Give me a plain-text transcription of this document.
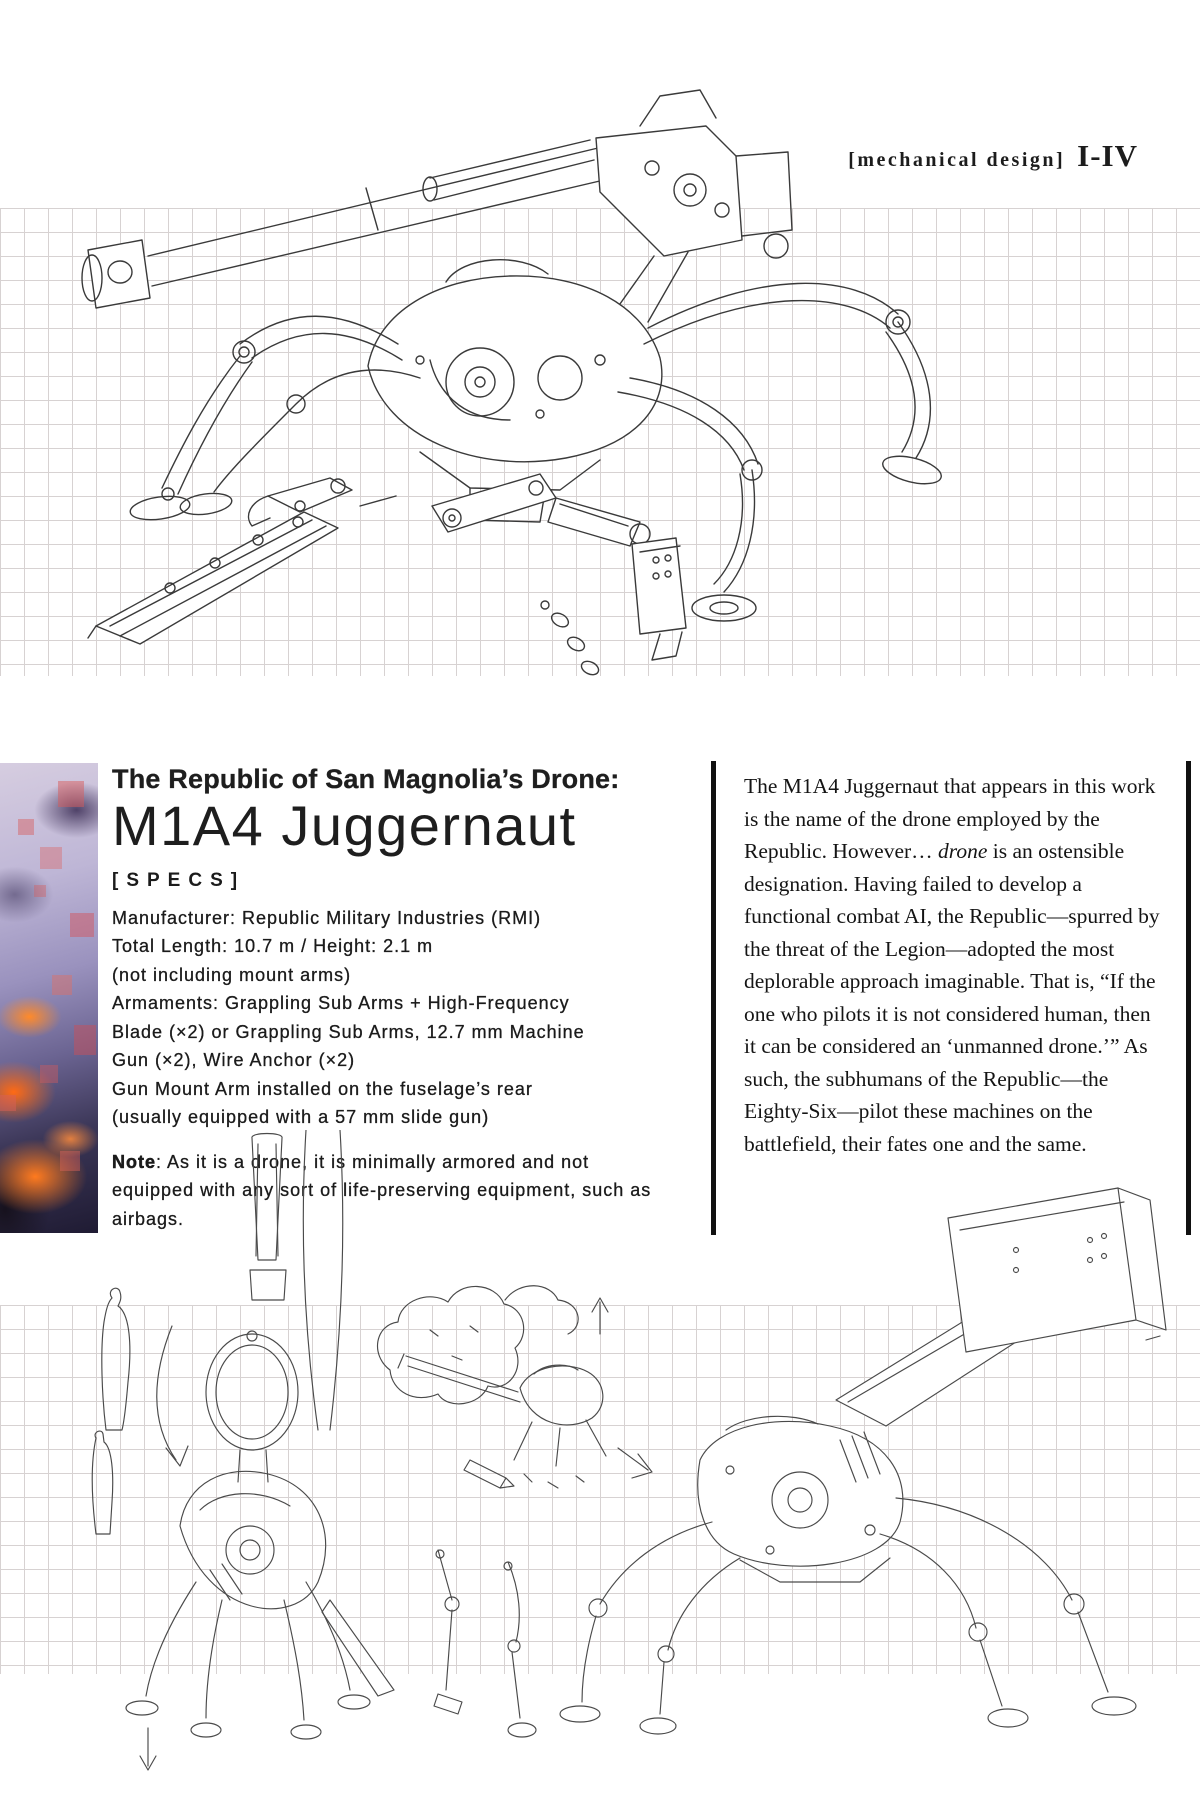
[mechanical design] I-IV
The Republic of San Magnolia’s Drone:
M1A4 Juggernaut
[SPECS]
Manufacturer: Republic Military Industries (RMI)
Total Length: 10.7 m / Height: 2.1 m
(not including mount arms)
Armaments: Grappling Sub Arms + High-Frequency
Blade (×2) or Grappling Sub Arms, 12.7 mm Machine
Gun (×2), Wire Anchor (×2)
Gun Mount Arm installed on the fuselage’s rear
(usually equipped with a 57 mm slide gun)
Note: As it is a drone, it is minimally armored and not equipped with any sort of life-preserving equipment, such as airbags.
The M1A4 Juggernaut that appears in this work is the name of the drone employed by the Republic. However… drone is an ostensible designation. Having failed to develop a functional combat AI, the Republic—spurred by the threat of the Legion—adopted the most deplorable approach imaginable. That is, “If the one who pilots it is not considered human, then it can be considered an ‘unmanned drone.’” As such, the subhumans of the Republic—the Eighty-Six—pilot these machines on the battlefield, their fates one and the same.
